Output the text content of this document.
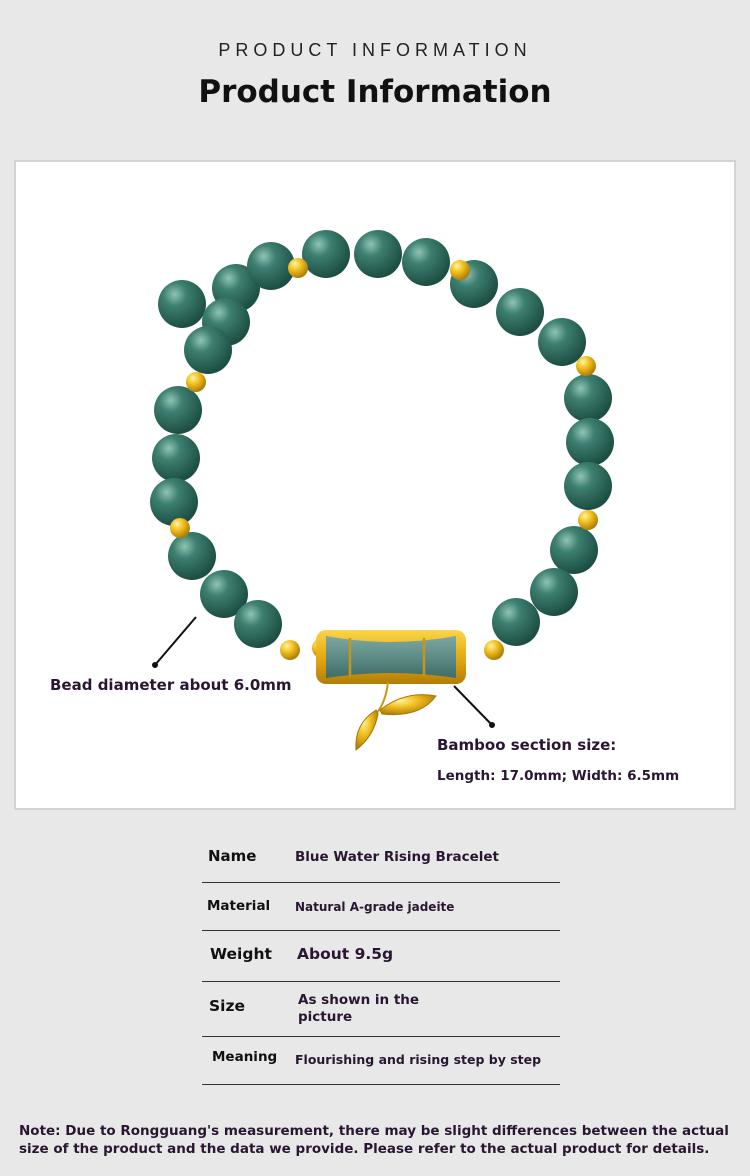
PRODUCT INFORMATION
Product Information
Bead diameter about 6.0mm
Bamboo section size:
Length: 17.0mm; Width: 6.5mm
Name	Blue Water Rising Bracelet
Material Natural A-grade jadeite
Weight About 9.5g
Size	As shown in the picture
Meaning Flourishing and rising step by step
Note: Due to Rongguang's measurement, there may be slight differences between the actual size of the product and the data we provide. Please refer to the actual product for details.
